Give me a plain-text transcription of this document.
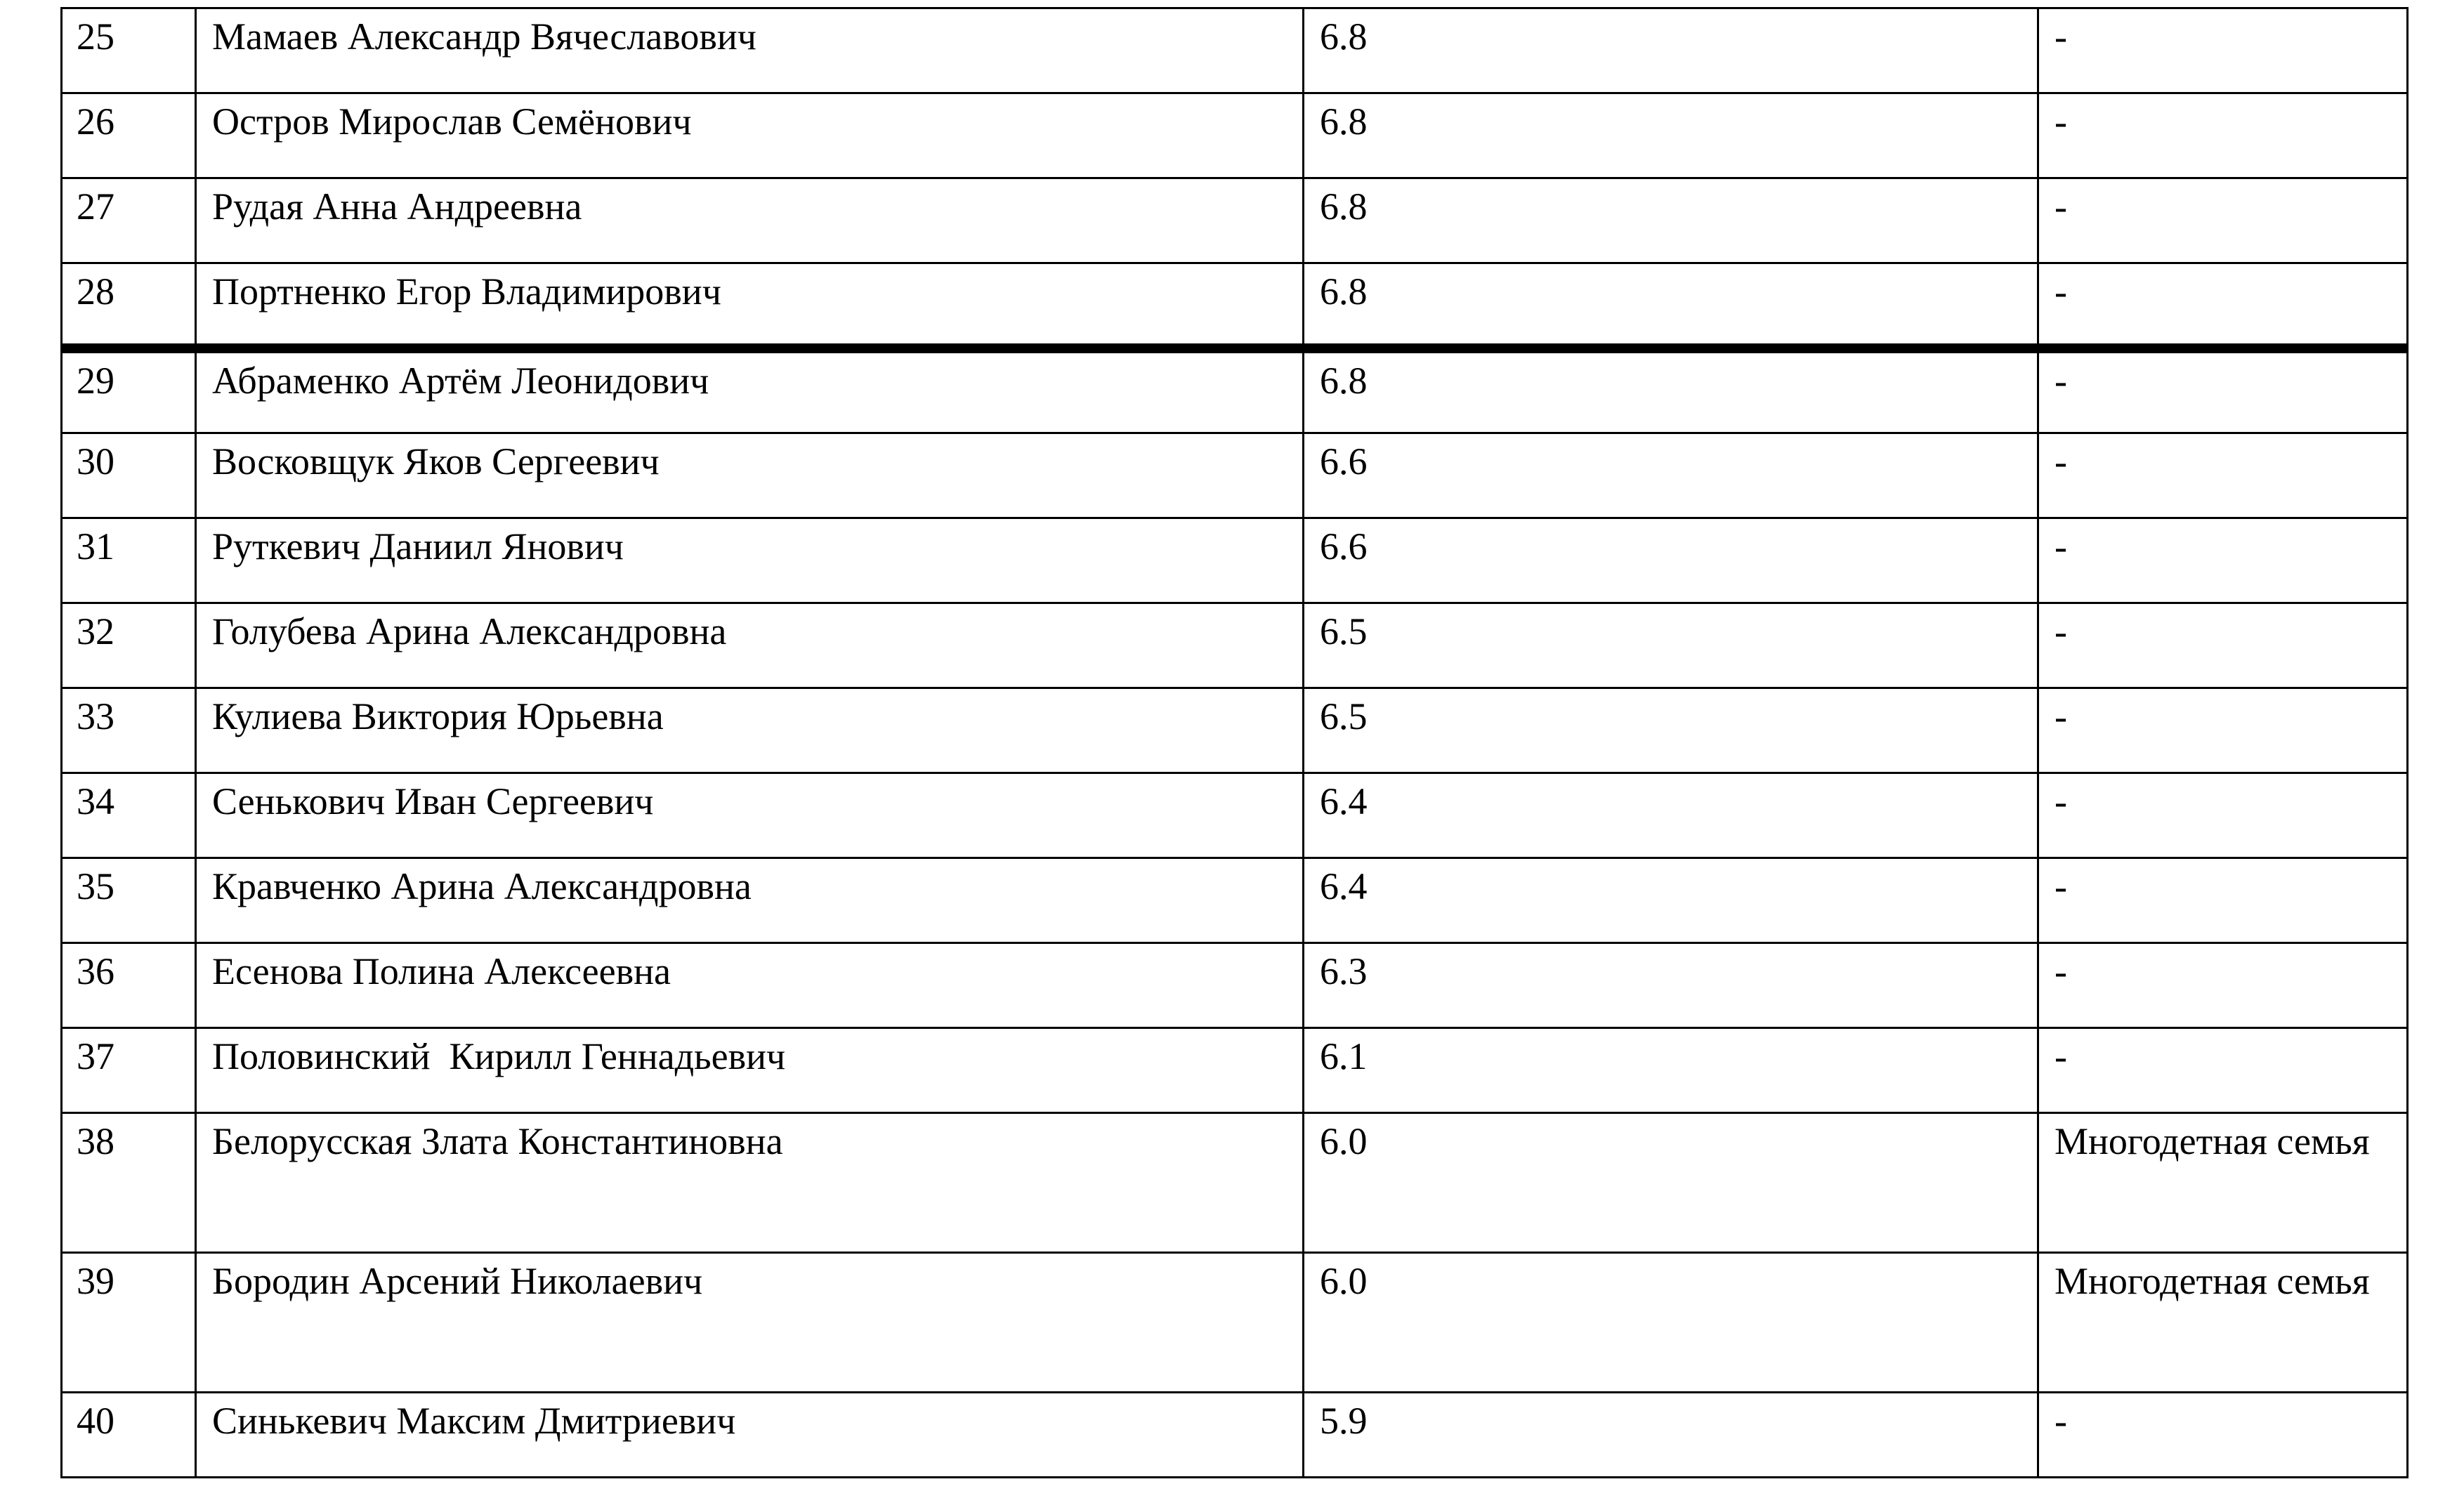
25	Мамаев Александр Вячеславович	6.8	-
26	Остров Мирослав Семёнович	6.8	-
27	Рудая Анна Андреевна	6.8	-
28	Портненко Егор Владимирович	6.8	-
29	Абраменко Артём Леонидович	6.8	-
30	Восковщук Яков Сергеевич	6.6	-
31	Руткевич Даниил Янович	6.6	-
32	Голубева Арина Александровна	6.5	-
33	Кулиева Виктория Юрьевна	6.5	-
34	Сенькович Иван Сергеевич	6.4	-
35	Кравченко Арина Александровна	6.4	-
36	Есенова Полина Алексеевна	6.3	-
37	Половинский  Кирилл Геннадьевич	6.1	-
38	Белорусская Злата Константиновна	6.0	Многодетная семья
39	Бородин Арсений Николаевич	6.0	Многодетная семья
40	Синькевич Максим Дмитриевич	5.9	-
